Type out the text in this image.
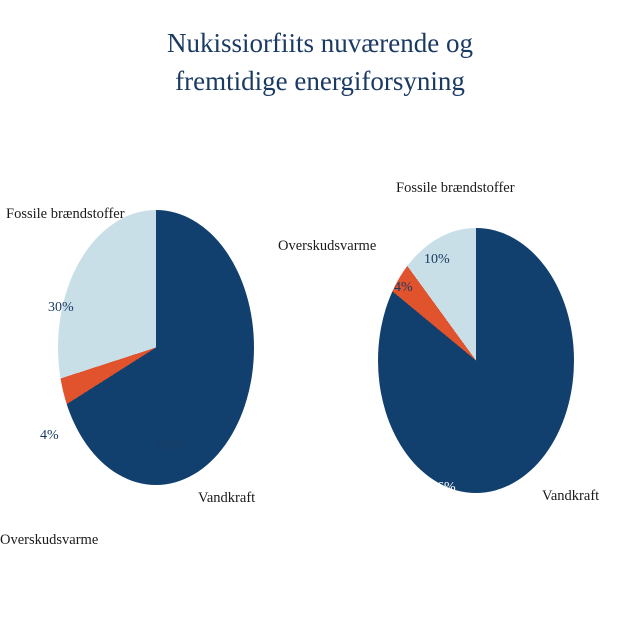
Nukissiorfiits nuværende og
fremtidige energiforsyning
Fossile brændstoffer
Overskudsvarme
Vandkraft
30%
4%
66%
Fossile brændstoffer
Overskudsvarme
Vandkraft
10%
4%
86%
